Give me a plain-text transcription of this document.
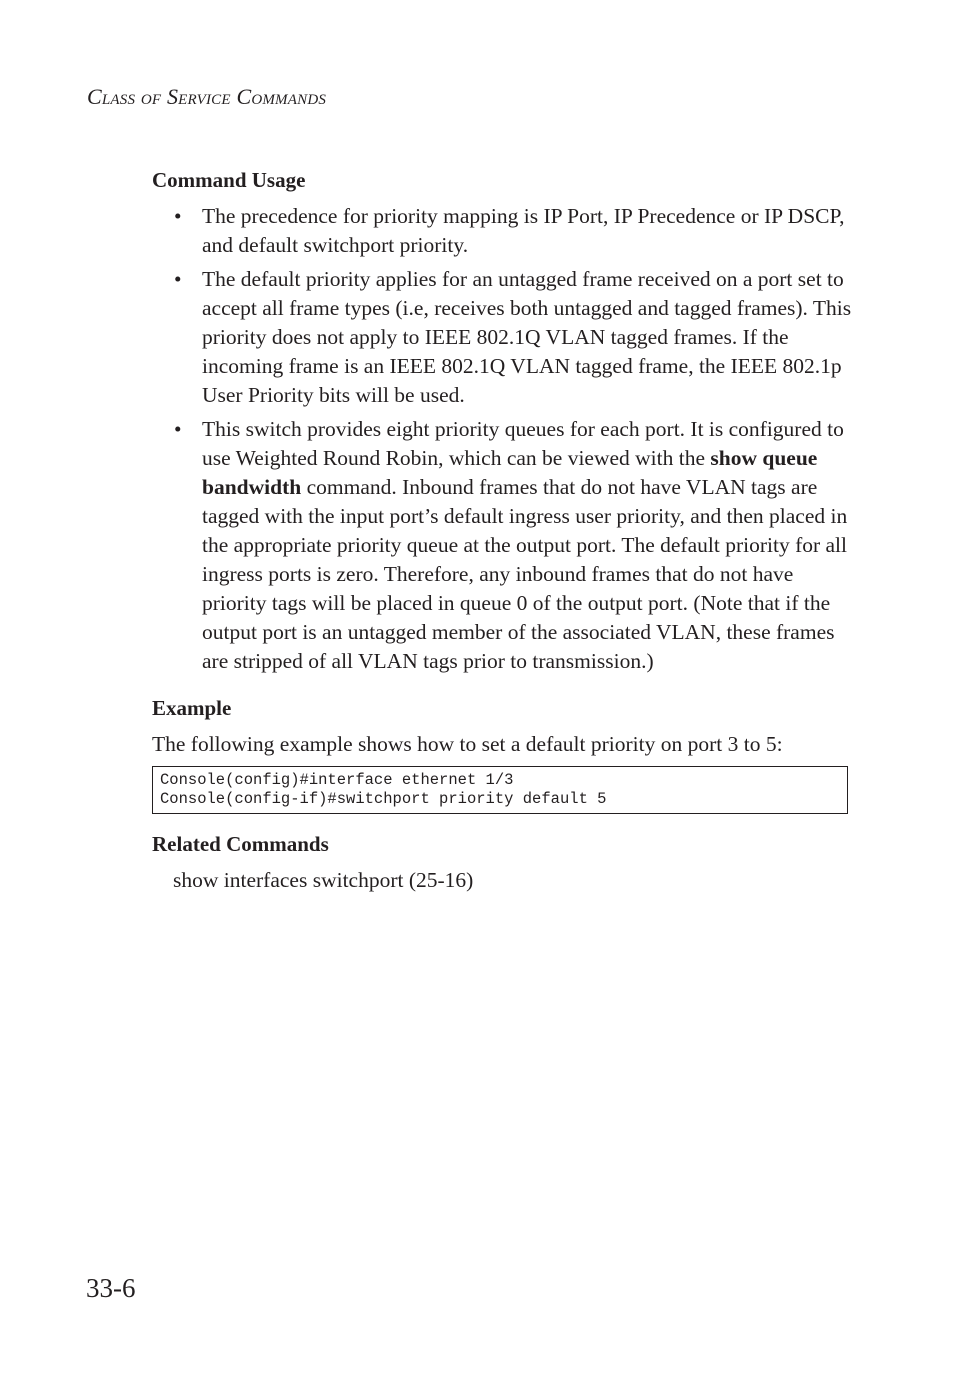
Class of Service Commands
Command Usage
• The precedence for priority mapping is IP Port, IP Precedence or IP DSCP, and default switchport priority.
• The default priority applies for an untagged frame received on a port set to accept all frame types (i.e, receives both untagged and tagged frames). This priority does not apply to IEEE 802.1Q VLAN tagged frames. If the incoming frame is an IEEE 802.1Q VLAN tagged frame, the IEEE 802.1p User Priority bits will be used.
• This switch provides eight priority queues for each port. It is configured to use Weighted Round Robin, which can be viewed with the show queue bandwidth command. Inbound frames that do not have VLAN tags are tagged with the input port’s default ingress user priority, and then placed in the appropriate priority queue at the output port. The default priority for all ingress ports is zero. Therefore, any inbound frames that do not have priority tags will be placed in queue 0 of the output port. (Note that if the output port is an untagged member of the associated VLAN, these frames are stripped of all VLAN tags prior to transmission.)
Example
The following example shows how to set a default priority on port 3 to 5:
Console(config)#interface ethernet 1/3
Console(config-if)#switchport priority default 5
Related Commands
show interfaces switchport (25-16)
33-6
